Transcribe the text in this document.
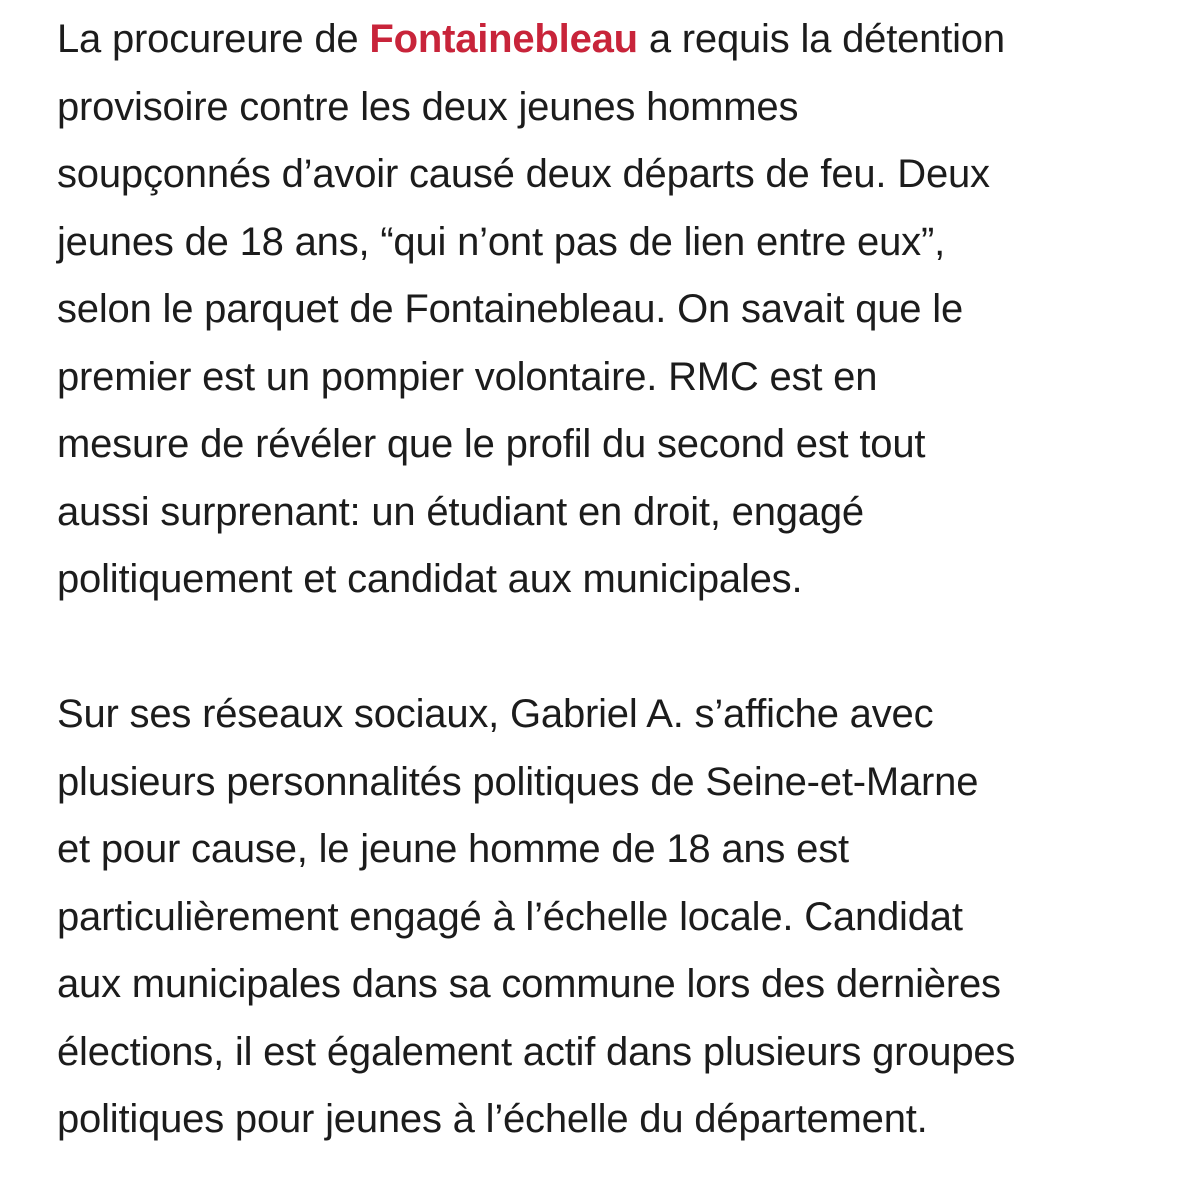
La procureure de Fontainebleau a requis la détention
provisoire contre les deux jeunes hommes
soupçonnés d’avoir causé deux départs de feu. Deux
jeunes de 18 ans, “qui n’ont pas de lien entre eux”,
selon le parquet de Fontainebleau. On savait que le
premier est un pompier volontaire. RMC est en
mesure de révéler que le profil du second est tout
aussi surprenant: un étudiant en droit, engagé
politiquement et candidat aux municipales.

Sur ses réseaux sociaux, Gabriel A. s’affiche avec
plusieurs personnalités politiques de Seine-et-Marne
et pour cause, le jeune homme de 18 ans est
particulièrement engagé à l’échelle locale. Candidat
aux municipales dans sa commune lors des dernières
élections, il est également actif dans plusieurs groupes
politiques pour jeunes à l’échelle du département.
